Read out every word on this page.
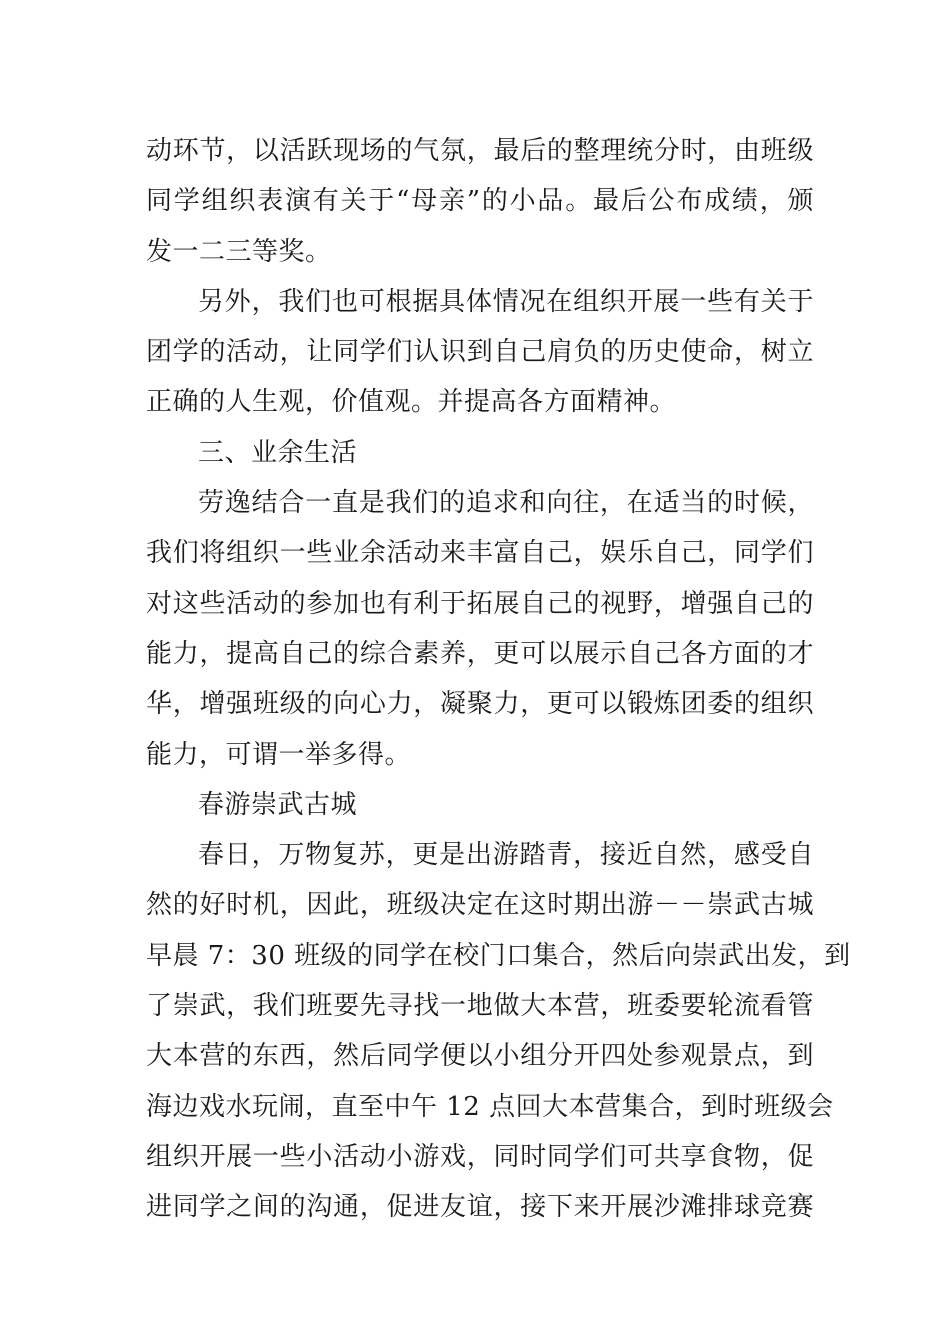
动环节，以活跃现场的气氛，最后的整理统分时，由班级
同学组织表演有关于“母亲”的小品。最后公布成绩，颁
发一二三等奖。
另外，我们也可根据具体情况在组织开展一些有关于
团学的活动，让同学们认识到自己肩负的历史使命，树立
正确的人生观，价值观。并提高各方面精神。
三、业余生活
劳逸结合一直是我们的追求和向往，在适当的时候，
我们将组织一些业余活动来丰富自己，娱乐自己，同学们
对这些活动的参加也有利于拓展自己的视野，增强自己的
能力，提高自己的综合素养，更可以展示自己各方面的才
华，增强班级的向心力，凝聚力，更可以锻炼团委的组织
能力，可谓一举多得。
春游崇武古城
春日，万物复苏，更是出游踏青，接近自然，感受自
然的好时机，因此，班级决定在这时期出游－－崇武古城
早晨 7：30 班级的同学在校门口集合，然后向崇武出发，到
了崇武，我们班要先寻找一地做大本营，班委要轮流看管
大本营的东西，然后同学便以小组分开四处参观景点，到
海边戏水玩闹，直至中午 12 点回大本营集合，到时班级会
组织开展一些小活动小游戏，同时同学们可共享食物，促
进同学之间的沟通，促进友谊，接下来开展沙滩排球竞赛
